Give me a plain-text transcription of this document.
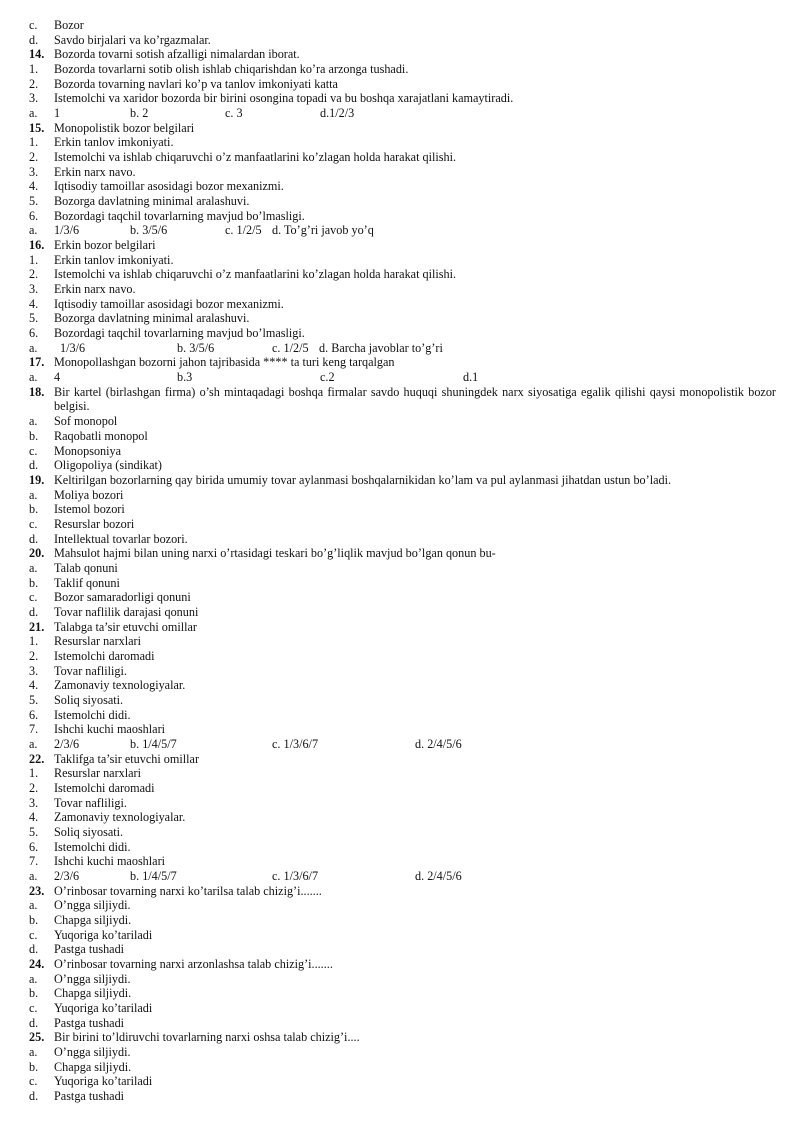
c. Bozor
d. Savdo birjalari va ko’rgazmalar.
14. Bozorda tovarni sotish afzalligi nimalardan iborat.
1. Bozorda tovarlarni sotib olish ishlab chiqarishdan ko’ra arzonga tushadi.
2. Bozorda tovarning navlari ko’p va tanlov imkoniyati katta
3. Istemolchi va xaridor bozorda bir birini osongina topadi va bu boshqa xarajatlani kamaytiradi.
a. 1	b. 2	c. 3	d.1/2/3
15. Monopolistik bozor belgilari
1. Erkin tanlov imkoniyati.
2. Istemolchi va ishlab chiqaruvchi o’z manfaatlarini ko’zlagan holda harakat qilishi.
3. Erkin narx navo.
4. Iqtisodiy tamoillar asosidagi bozor mexanizmi.
5. Bozorga davlatning minimal aralashuvi.
6. Bozordagi taqchil tovarlarning mavjud bo’lmasligi.
a. 1/3/6	b. 3/5/6	c. 1/2/5 d. To’g’ri javob yo’q
16. Erkin bozor belgilari
1. Erkin tanlov imkoniyati.
2. Istemolchi va ishlab chiqaruvchi o’z manfaatlarini ko’zlagan holda harakat qilishi.
3. Erkin narx navo.
4. Iqtisodiy tamoillar asosidagi bozor mexanizmi.
5. Bozorga davlatning minimal aralashuvi.
6. Bozordagi taqchil tovarlarning mavjud bo’lmasligi.
a. 1/3/6	b. 3/5/6	c. 1/2/5 d. Barcha javoblar to’g’ri
17. Monopollashgan bozorni jahon tajribasida **** ta turi keng tarqalgan
a. 4	b.3	c.2	d.1
18. Bir kartel (birlashgan firma) o’sh mintaqadagi boshqa firmalar savdo huquqi shuningdek narx siyosatiga egalik qilishi qaysi monopolistik bozor belgisi.
a. Sof monopol
b. Raqobatli monopol
c. Monopsoniya
d. Oligopoliya (sindikat)
19. Keltirilgan bozorlarning qay birida umumiy tovar aylanmasi boshqalarnikidan ko’lam va pul aylanmasi jihatdan ustun bo’ladi.
a. Moliya bozori
b. Istemol bozori
c. Resurslar bozori
d. Intellektual tovarlar bozori.
20. Mahsulot hajmi bilan uning narxi o’rtasidagi teskari bo’g’liqlik mavjud bo’lgan qonun bu-
a. Talab qonuni
b. Taklif qonuni
c. Bozor samaradorligi qonuni
d. Tovar naflilik darajasi qonuni
21. Talabga ta’sir etuvchi omillar
1. Resurslar narxlari
2. Istemolchi daromadi
3. Tovar nafliligi.
4. Zamonaviy texnologiyalar.
5. Soliq siyosati.
6. Istemolchi didi.
7. Ishchi kuchi maoshlari
a. 2/3/6	b. 1/4/5/7	c. 1/3/6/7	d. 2/4/5/6
22. Taklifga ta’sir etuvchi omillar
1. Resurslar narxlari
2. Istemolchi daromadi
3. Tovar nafliligi.
4. Zamonaviy texnologiyalar.
5. Soliq siyosati.
6. Istemolchi didi.
7. Ishchi kuchi maoshlari
a. 2/3/6	b. 1/4/5/7	c. 1/3/6/7	d. 2/4/5/6
23. O’rinbosar tovarning narxi ko’tarilsa talab chizig’i.......
a. O’ngga siljiydi.
b. Chapga siljiydi.
c. Yuqoriga ko’tariladi
d. Pastga tushadi
24. O’rinbosar tovarning narxi arzonlashsa talab chizig’i.......
a. O’ngga siljiydi.
b. Chapga siljiydi.
c. Yuqoriga ko’tariladi
d. Pastga tushadi
25. Bir birini to’ldiruvchi tovarlarning narxi oshsa talab chizig’i....
a. O’ngga siljiydi.
b. Chapga siljiydi.
c. Yuqoriga ko’tariladi
d. Pastga tushadi
